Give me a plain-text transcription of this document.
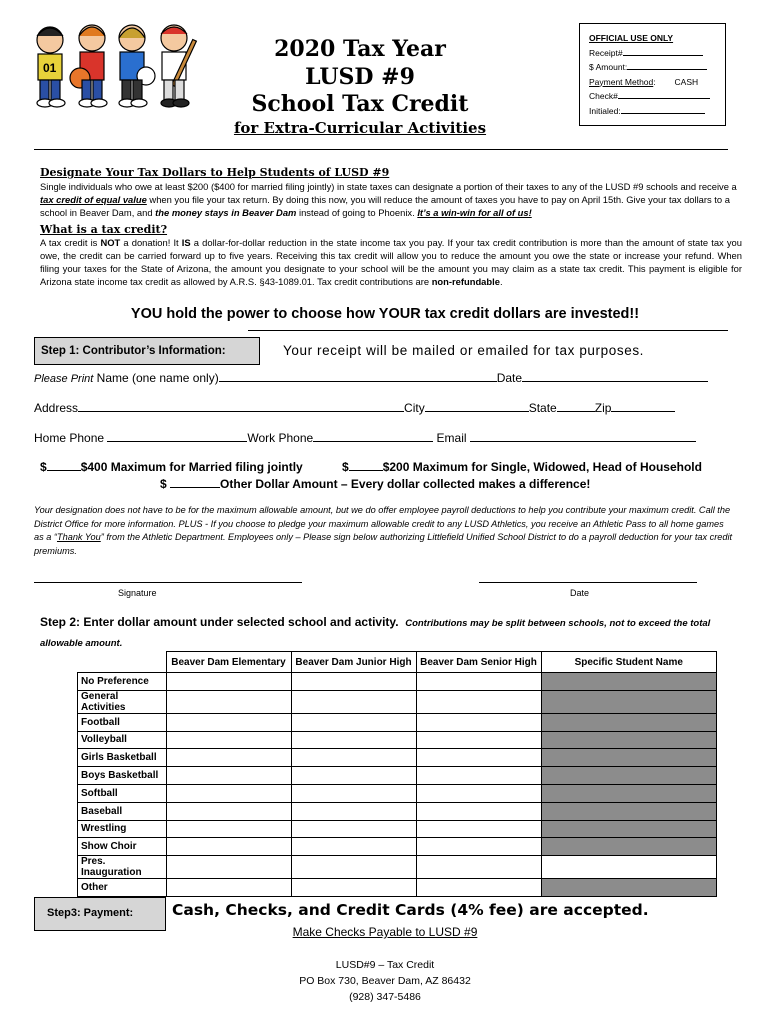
01
2020 Tax Year
LUSD #9
School Tax Credit
for Extra-Curricular Activities
OFFICIAL USE ONLY
Receipt#
$ Amount:
Payment Method:        CASH
Check#
Initialed:
Designate Your Tax Dollars to Help Students of LUSD #9
Single individuals who owe at least $200 ($400 for married filing jointly) in state taxes can designate a portion of their taxes to any of the LUSD #9 schools and receive a tax credit of equal value when you file your tax return. By doing this now, you will reduce the amount of taxes you have to pay on April 15th. Give your tax dollars to a school in Beaver Dam, and the money stays in Beaver Dam instead of going to Phoenix. It’s a win-win for all of us!
What is a tax credit?
A tax credit is NOT a donation! It IS a dollar-for-dollar reduction in the state income tax you pay. If your tax credit contribution is more than the amount of state tax you owe, the credit can be carried forward up to five years. Receiving this tax credit will allow you to reduce the amount you owe the state or increase your refund. When filing your taxes for the State of Arizona, the amount you designate to your school will be the amount you may claim as a state tax credit. This payment is eligible for Arizona state income tax credit as allowed by A.R.S. §43-1089.01. Tax credit contributions are non-refundable.
YOU hold the power to choose how YOUR tax credit dollars are invested!!
Step 1: Contributor’s Information:	Your receipt will be mailed or emailed for tax purposes.
Please Print Name (one name only)	Date
Address	City	State	Zip
Home Phone	Work Phone	Email
$	$400 Maximum for Married filing jointly	$	$200 Maximum for Single, Widowed, Head of Household
$	Other Dollar Amount – Every dollar collected makes a difference!
Your designation does not have to be for the maximum allowable amount, but we do offer employee payroll deductions to help you contribute your maximum credit. Call the District Office for more information. PLUS - If you choose to pledge your maximum allowable credit to any LUSD Athletics, you receive an Athletic Pass to all home games as a “Thank You” from the Athletic Department. Employees only – Please sign below authorizing Littlefield Unified School District to do a payroll deduction for your tax credit premiums.
Signature	Date
Step 2: Enter dollar amount under selected school and activity. Contributions may be split between schools, not to exceed the total allowable amount.
	Beaver Dam Elementary	Beaver Dam Junior High	Beaver Dam Senior High	Specific Student Name
No Preference				
General Activities				
Football				
Volleyball				
Girls Basketball				
Boys Basketball				
Softball				
Baseball				
Wrestling				
Show Choir				
Pres. Inauguration				
Other				
Step3: Payment:	Cash, Checks, and Credit Cards (4% fee) are accepted.
Make Checks Payable to LUSD #9
LUSD#9 – Tax Credit
PO Box 730, Beaver Dam, AZ 86432
(928) 347-5486
